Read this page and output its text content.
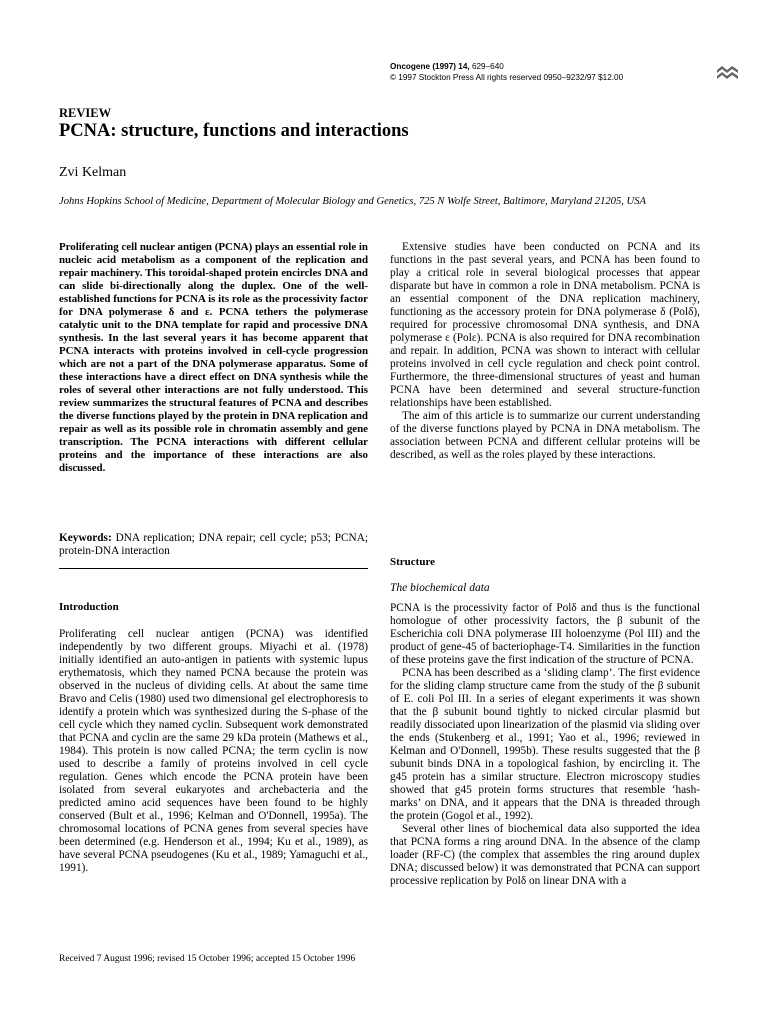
Oncogene (1997) 14, 629–640
© 1997 Stockton Press All rights reserved 0950–9232/97 $12.00
REVIEW
PCNA: structure, functions and interactions
Zvi Kelman
Johns Hopkins School of Medicine, Department of Molecular Biology and Genetics, 725 N Wolfe Street, Baltimore, Maryland 21205, USA

Proliferating cell nuclear antigen (PCNA) plays an essential role in nucleic acid metabolism as a component of the replication and repair machinery. This toroidal-shaped protein encircles DNA and can slide bi-directionally along the duplex. One of the well-established functions for PCNA is its role as the processivity factor for DNA polymerase δ and ε. PCNA tethers the polymerase catalytic unit to the DNA template for rapid and processive DNA synthesis. In the last several years it has become apparent that PCNA interacts with proteins involved in cell-cycle progression which are not a part of the DNA polymerase apparatus. Some of these interactions have a direct effect on DNA synthesis while the roles of several other interactions are not fully understood. This review summarizes the structural features of PCNA and describes the diverse functions played by the protein in DNA replication and repair as well as its possible role in chromatin assembly and gene transcription. The PCNA interactions with different cellular proteins and the importance of these interactions are also discussed.

Keywords: DNA replication; DNA repair; cell cycle; p53; PCNA; protein-DNA interaction

Introduction

Proliferating cell nuclear antigen (PCNA) was identified independently by two different groups. Miyachi et al. (1978) initially identified an auto-antigen in patients with systemic lupus erythematosis, which they named PCNA because the protein was observed in the nucleus of dividing cells. At about the same time Bravo and Celis (1980) used two dimensional gel electrophoresis to identify a protein which was synthesized during the S-phase of the cell cycle which they named cyclin. Subsequent work demonstrated that PCNA and cyclin are the same 29 kDa protein (Mathews et al., 1984). This protein is now called PCNA; the term cyclin is now used to describe a family of proteins involved in cell cycle regulation. Genes which encode the PCNA protein have been isolated from several eukaryotes and archebacteria and the predicted amino acid sequences have been found to be highly conserved (Bult et al., 1996; Kelman and O'Donnell, 1995a). The chromosomal locations of PCNA genes from several species have been determined (e.g. Henderson et al., 1994; Ku et al., 1989), as have several PCNA pseudogenes (Ku et al., 1989; Yamaguchi et al., 1991).

Received 7 August 1996; revised 15 October 1996; accepted 15 October 1996

Extensive studies have been conducted on PCNA and its functions in the past several years, and PCNA has been found to play a critical role in several biological processes that appear disparate but have in common a role in DNA metabolism. PCNA is an essential component of the DNA replication machinery, functioning as the accessory protein for DNA polymerase δ (Polδ), required for processive chromosomal DNA synthesis, and DNA polymerase ε (Polε). PCNA is also required for DNA recombination and repair. In addition, PCNA was shown to interact with cellular proteins involved in cell cycle regulation and check point control. Furthermore, the three-dimensional structures of yeast and human PCNA have been determined and several structure-function relationships have been established.

The aim of this article is to summarize our current understanding of the diverse functions played by PCNA in DNA metabolism. The association between PCNA and different cellular proteins will be described, as well as the roles played by these interactions.

Structure
The biochemical data

PCNA is the processivity factor of Polδ and thus is the functional homologue of other processivity factors, the β subunit of the Escherichia coli DNA polymerase III holoenzyme (Pol III) and the product of gene-45 of bacteriophage-T4. Similarities in the function of these proteins gave the first indication of the structure of PCNA.

PCNA has been described as a ‘sliding clamp’. The first evidence for the sliding clamp structure came from the study of the β subunit of E. coli Pol III. In a series of elegant experiments it was shown that the β subunit bound tightly to nicked circular plasmid but readily dissociated upon linearization of the plasmid via sliding over the ends (Stukenberg et al., 1991; Yao et al., 1996; reviewed in Kelman and O'Donnell, 1995b). These results suggested that the β subunit binds DNA in a topological fashion, by encircling it. The g45 protein has a similar structure. Electron microscopy studies showed that g45 protein forms structures that resemble ‘hash-marks’ on DNA, and it appears that the DNA is threaded through the protein (Gogol et al., 1992).

Several other lines of biochemical data also supported the idea that PCNA forms a ring around DNA. In the absence of the clamp loader (RF-C) (the complex that assembles the ring around duplex DNA; discussed below) it was demonstrated that PCNA can support processive replication by Polδ on linear DNA with a
